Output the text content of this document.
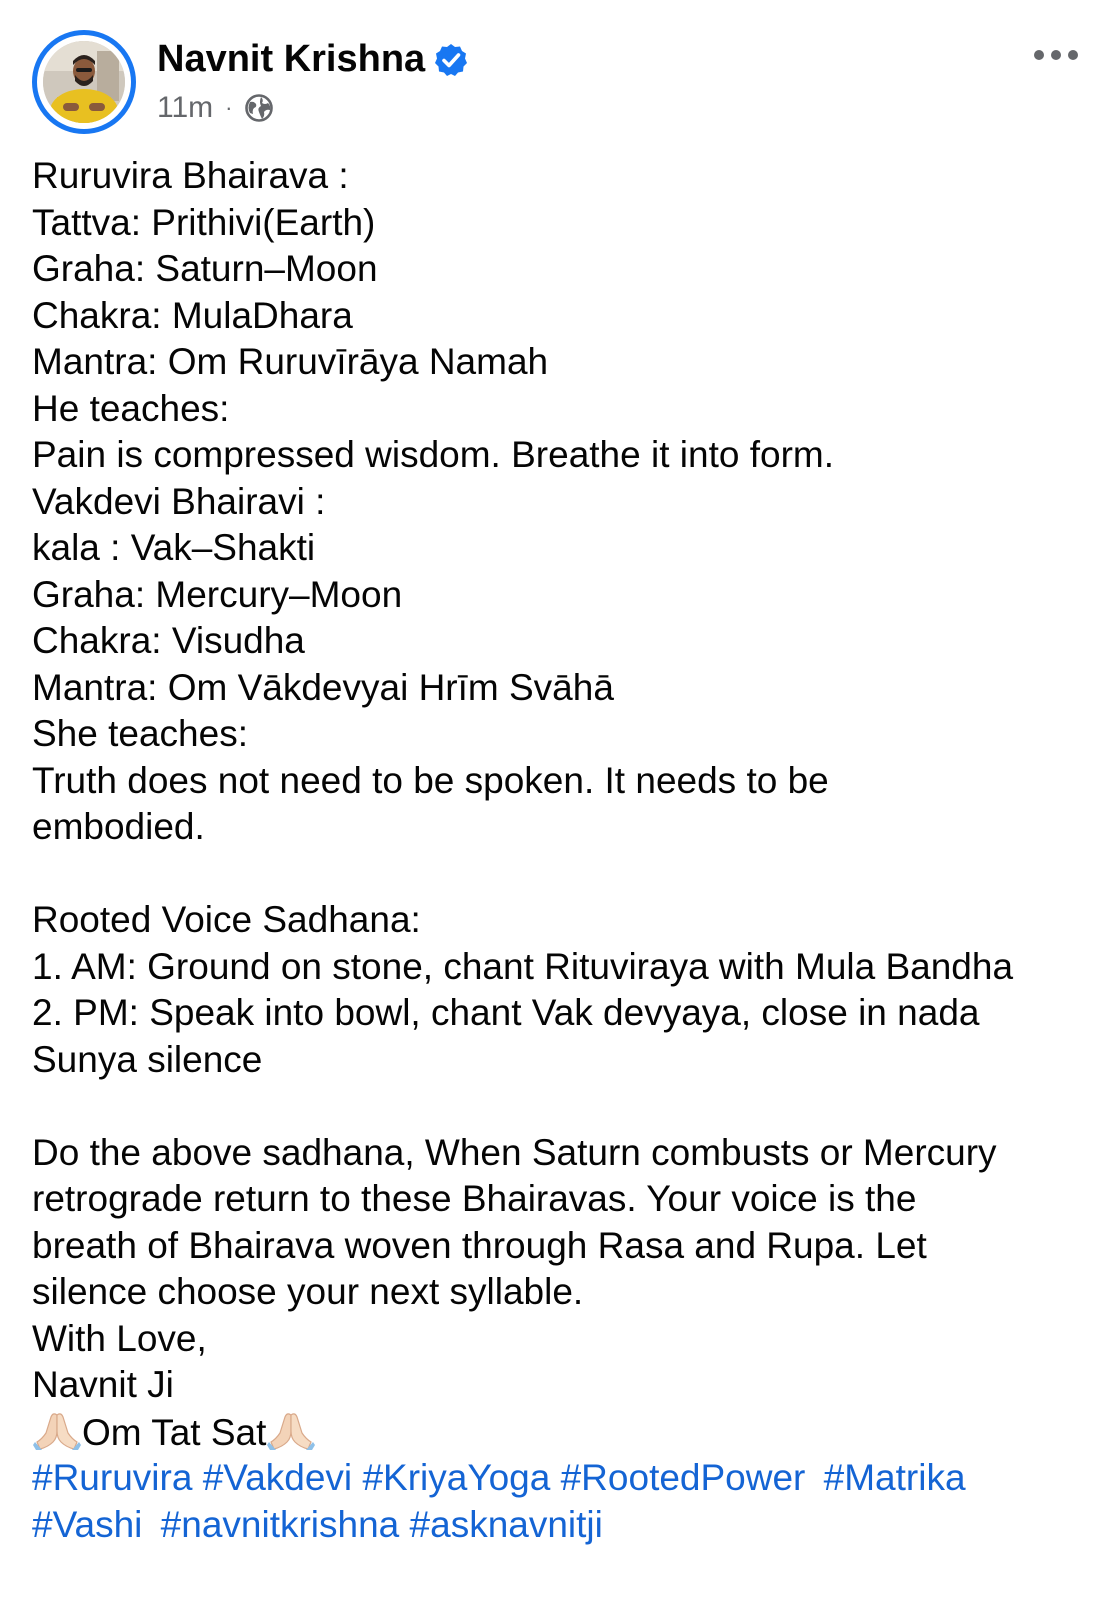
Navnit Krishna
11m ·
Ruruvira Bhairava :
Tattva: Prithivi(Earth)
Graha: Saturn–Moon
Chakra: MulaDhara
Mantra: Om Ruruvīrāya Namah
He teaches:
Pain is compressed wisdom. Breathe it into form.
Vakdevi Bhairavi :
kala : Vak–Shakti
Graha: Mercury–Moon
Chakra: Visudha
Mantra: Om Vākdevyai Hrīm Svāhā
She teaches:
Truth does not need to be spoken. It needs to be
embodied.
Rooted Voice Sadhana:
1. AM: Ground on stone, chant Rituviraya with Mula Bandha
2. PM: Speak into bowl, chant Vak devyaya, close in nada
Sunya silence
Do the above sadhana, When Saturn combusts or Mercury
retrograde return to these Bhairavas. Your voice is the
breath of Bhairava woven through Rasa and Rupa. Let
silence choose your next syllable.
With Love,
Navnit Ji
Om Tat Sat
#Ruruvira #Vakdevi #KriyaYoga #RootedPower #Matrika
#Vashi #navnitkrishna #asknavnitji
